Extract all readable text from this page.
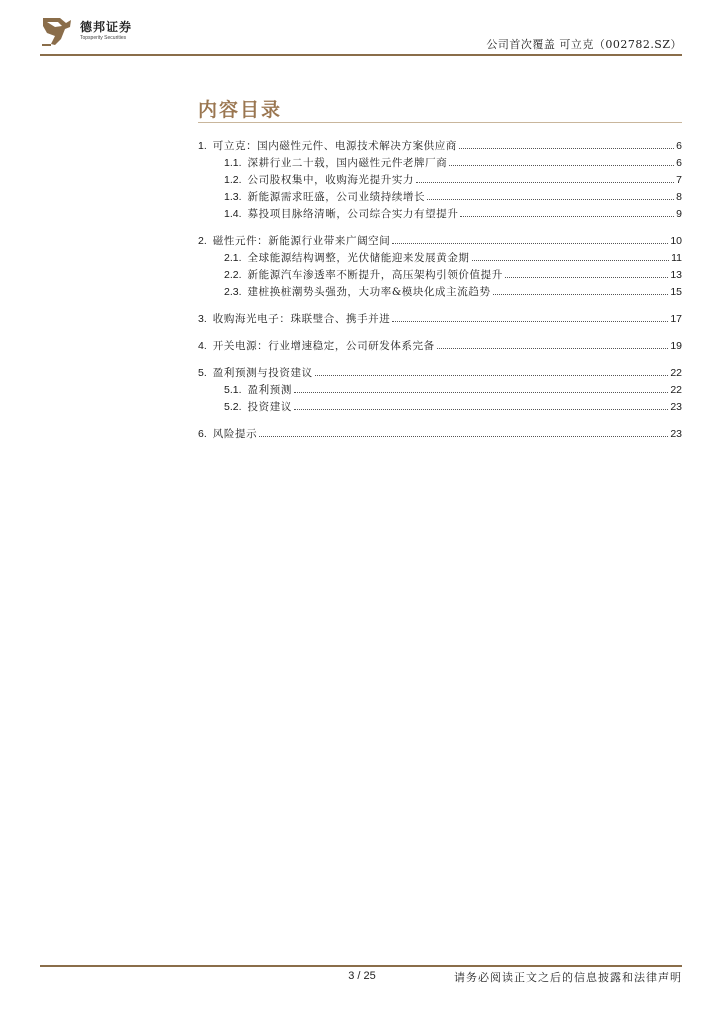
德邦证券
Topsperity Securities	公司首次覆盖 可立克（002782.SZ）
内容目录
1. 可立克：国内磁性元件、电源技术解决方案供应商	6
1.1. 深耕行业二十载，国内磁性元件老牌厂商	6
1.2. 公司股权集中，收购海光提升实力	7
1.3. 新能源需求旺盛，公司业绩持续增长	8
1.4. 募投项目脉络清晰，公司综合实力有望提升	9
2. 磁性元件：新能源行业带来广阔空间	10
2.1. 全球能源结构调整，光伏储能迎来发展黄金期	11
2.2. 新能源汽车渗透率不断提升，高压架构引领价值提升	13
2.3. 建桩换桩潮势头强劲，大功率&模块化成主流趋势	15
3. 收购海光电子：珠联璧合、携手并进	17
4. 开关电源：行业增速稳定，公司研发体系完备	19
5. 盈利预测与投资建议	22
5.1. 盈利预测	22
5.2. 投资建议	23
6. 风险提示	23
3 / 25	请务必阅读正文之后的信息披露和法律声明
